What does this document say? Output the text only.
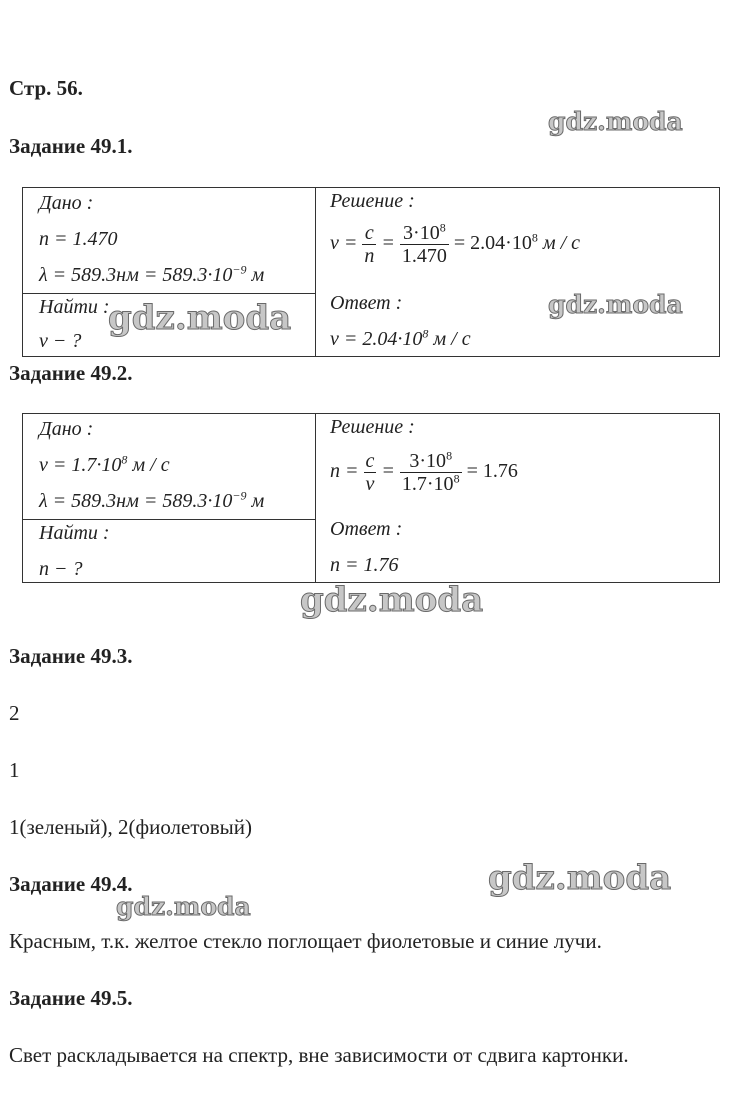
Стр. 56.
Задание 49.1.
Дано :
n = 1.470
$\lambda = 589.3нм = 589.3\cdot 10^{-9}$ м

Решение :
$v = \frac{c}{n} = \frac{3\cdot 10^8}{1.470} = 2.04\cdot 10^8$ м / с
Ответ :
$v = 2.04\cdot 10^8$ м / с

Найти :
v − ?
Задание 49.2.
Дано :
$v = 1.7\cdot 10^8$ м / с
$\lambda = 589.3нм = 589.3\cdot 10^{-9}$ м

Решение :
$n = \frac{c}{v} = \frac{3\cdot 10^8}{1.7\cdot 10^8} = 1.76$
Ответ :
n = 1.76

Найти :
n − ?
Задание 49.3.
2
1
1(зеленый), 2(фиолетовый)
Задание 49.4.
Красным, т.к. желтое стекло поглощает фиолетовые и синие лучи.
Задание 49.5.
Свет раскладывается на спектр, вне зависимости от сдвига картонки.
gdz.moda
gdz.moda	gdz.moda
gdz.moda
gdz.moda
gdz.moda
